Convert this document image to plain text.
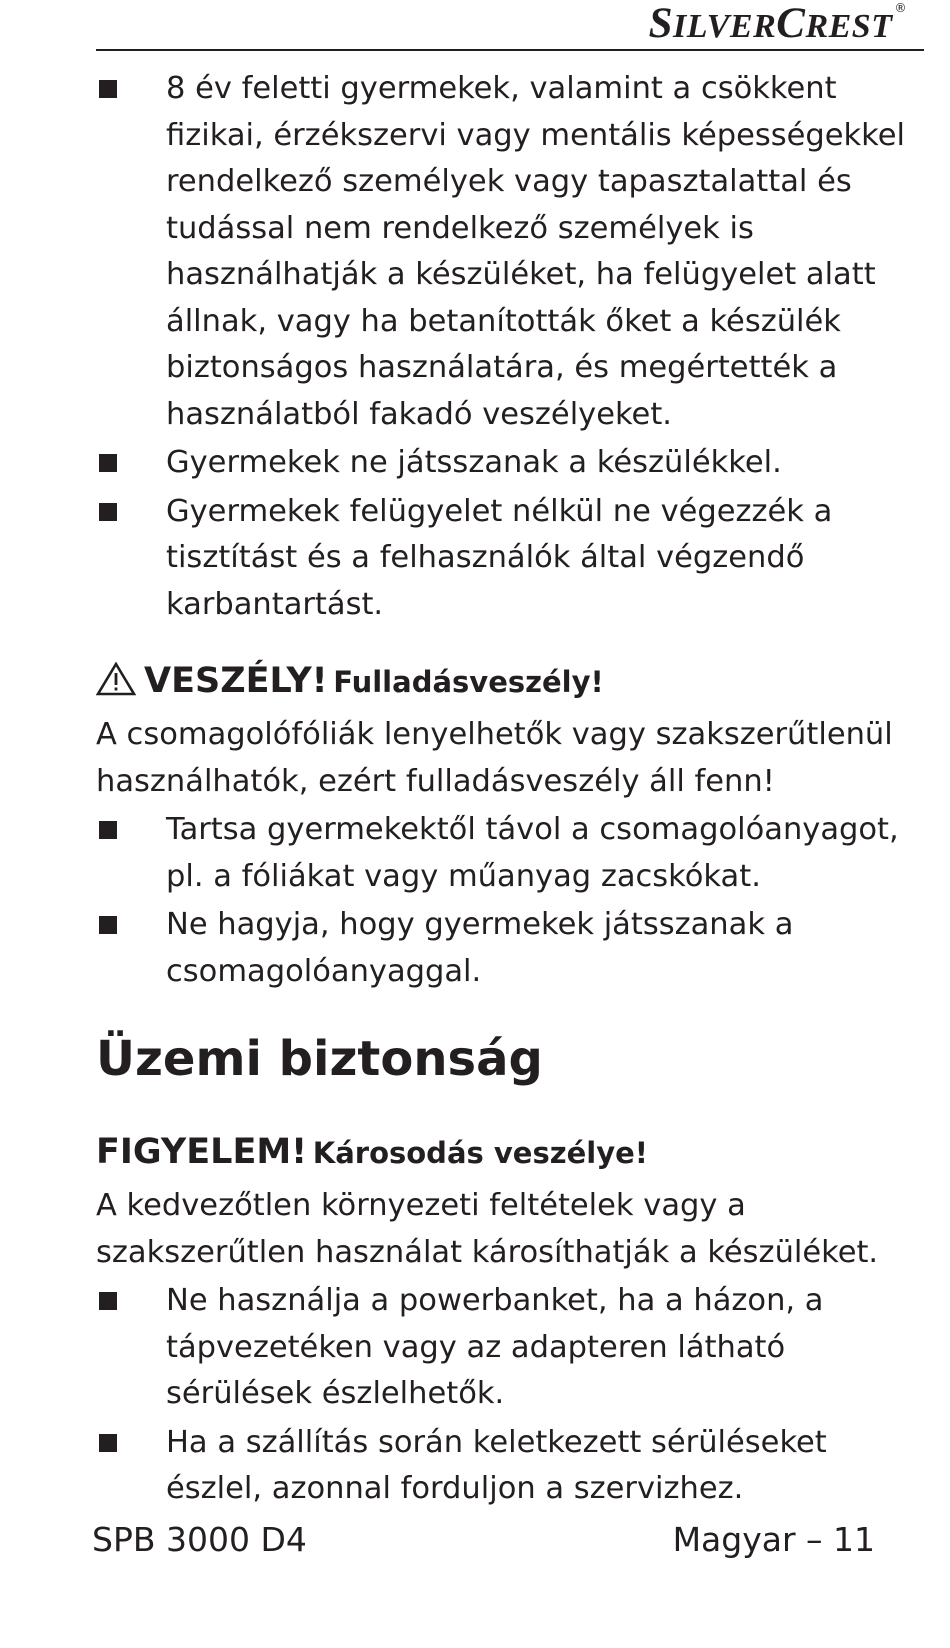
SILVERCREST ®
8 év feletti gyermekek, valamint a csökkent fizikai, érzékszervi vagy mentális képességekkel rendelkező személyek vagy tapasztalattal és tudással nem rendelkező személyek is használhatják a készüléket, ha felügyelet alatt állnak, vagy ha betanították őket a készülék biztonságos használatára, és megértették a használatból fakadó veszélyeket.
Gyermekek ne játsszanak a készülékkel.
Gyermekek felügyelet nélkül ne végezzék a tisztítást és a felhasználók által végzendő karbantartást.
VESZÉLY! Fulladásveszély!

A csomagolófóliák lenyelhetők vagy szakszerűtlenül használhatók, ezért fulladásveszély áll fenn!

Tartsa gyermekektől távol a csomagolóanyagot, pl. a fóliákat vagy műanyag zacskókat.
Ne hagyja, hogy gyermekek játsszanak a csomagolóanyaggal.
Üzemi biztonság
FIGYELEM! Károsodás veszélye!

A kedvezőtlen környezeti feltételek vagy a szakszerűtlen használat károsíthatják a készüléket.

Ne használja a powerbanket, ha a házon, a tápvezetéken vagy az adapteren látható sérülések észlelhetők.
Ha a szállítás során keletkezett sérüléseket észlel, azonnal forduljon a szervizhez.
SPB 3000 D4	Magyar – 11
